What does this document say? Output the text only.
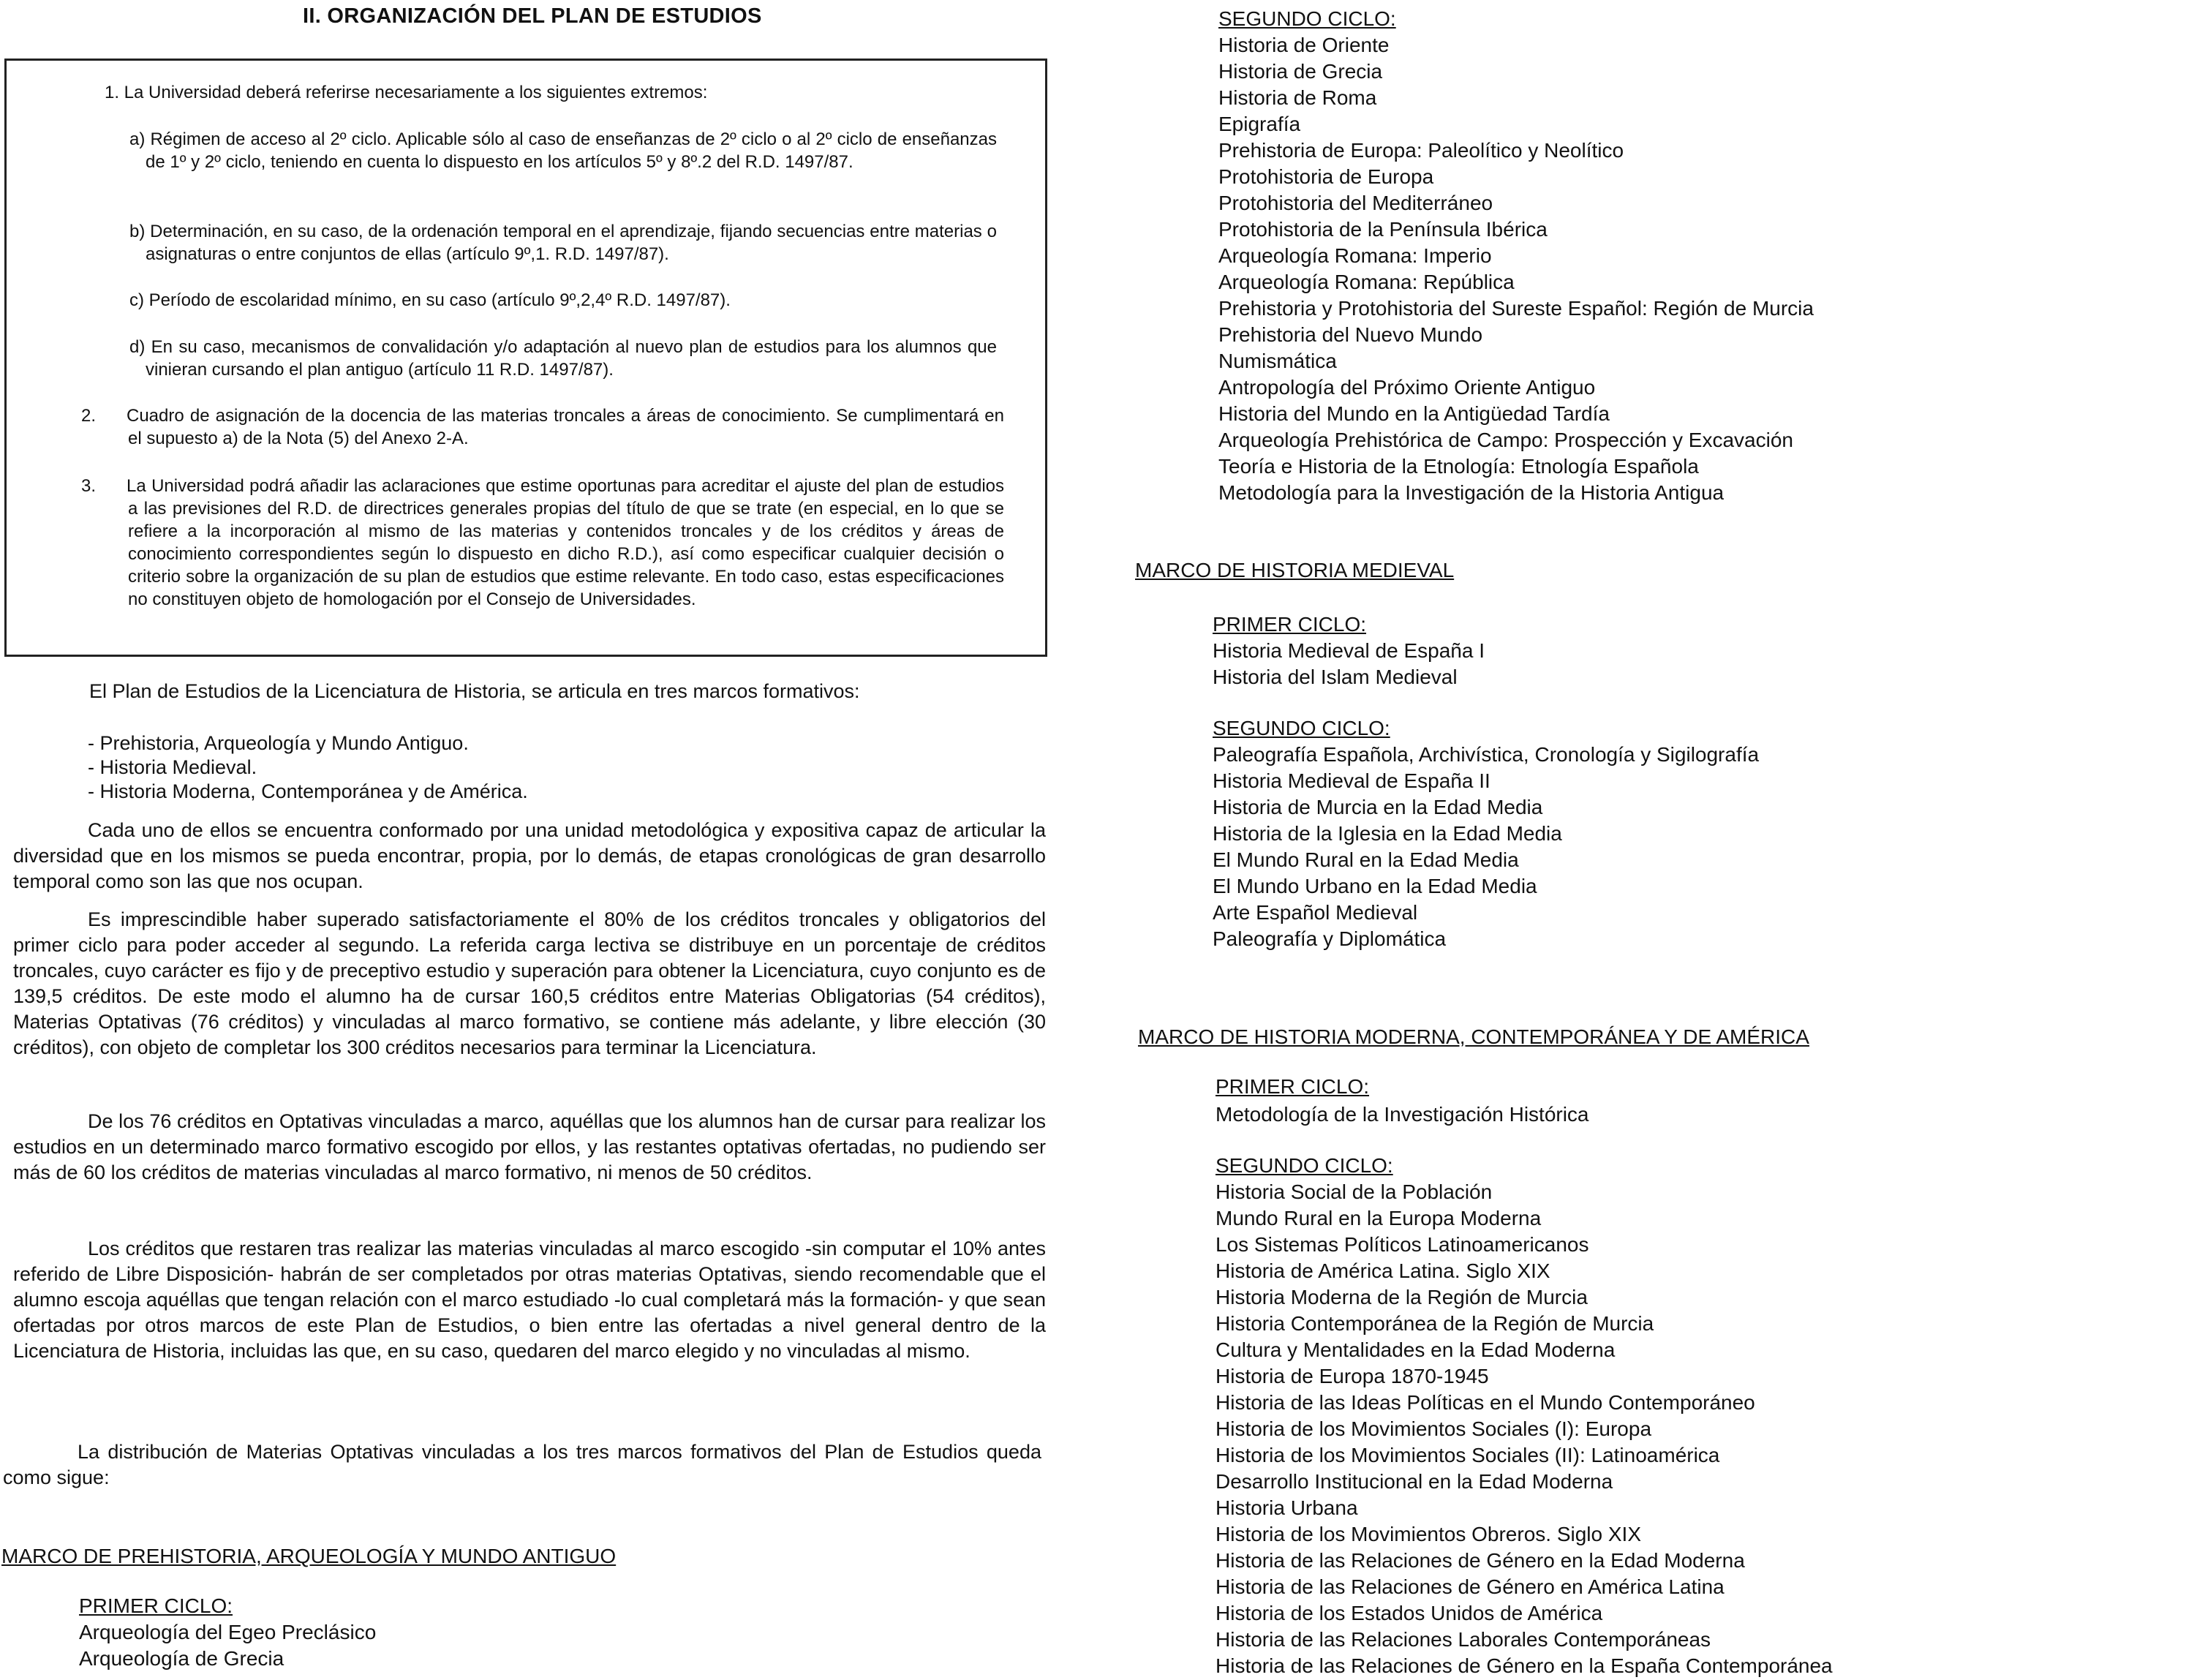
II. ORGANIZACIÓN DEL PLAN DE ESTUDIOS
1. La Universidad deberá referirse necesariamente a los siguientes extremos:
a) Régimen de acceso al 2º ciclo. Aplicable sólo al caso de enseñanzas de 2º ciclo o al 2º ciclo de enseñanzas de 1º y 2º ciclo, teniendo en cuenta lo dispuesto en los artículos 5º y 8º.2 del R.D. 1497/87.
b) Determinación, en su caso, de la ordenación temporal en el aprendizaje, fijando secuencias entre materias o asignaturas o entre conjuntos de ellas (artículo 9º,1. R.D. 1497/87).
c) Período de escolaridad mínimo, en su caso (artículo 9º,2,4º R.D. 1497/87).
d) En su caso, mecanismos de convalidación y/o adaptación al nuevo plan de estudios para los alumnos que vinieran cursando el plan antiguo (artículo 11 R.D. 1497/87).
2. Cuadro de asignación de la docencia de las materias troncales a áreas de conocimiento. Se cumplimentará en el supuesto a) de la Nota (5) del Anexo 2-A.
3. La Universidad podrá añadir las aclaraciones que estime oportunas para acreditar el ajuste del plan de estudios a las previsiones del R.D. de directrices generales propias del título de que se trate (en especial, en lo que se refiere a la incorporación al mismo de las materias y contenidos troncales y de los créditos y áreas de conocimiento correspondientes según lo dispuesto en dicho R.D.), así como especificar cualquier decisión o criterio sobre la organización de su plan de estudios que estime relevante. En todo caso, estas especificaciones no constituyen objeto de homologación por el Consejo de Universidades.

El Plan de Estudios de la Licenciatura de Historia, se articula en tres marcos formativos:

- Prehistoria, Arqueología y Mundo Antiguo.
- Historia Medieval.
- Historia Moderna, Contemporánea y de América.

Cada uno de ellos se encuentra conformado por una unidad metodológica y expositiva capaz de articular la diversidad que en los mismos se pueda encontrar, propia, por lo demás, de etapas cronológicas de gran desarrollo temporal como son las que nos ocupan.

Es imprescindible haber superado satisfactoriamente el 80% de los créditos troncales y obligatorios del primer ciclo para poder acceder al segundo. La referida carga lectiva se distribuye en un porcentaje de créditos troncales, cuyo carácter es fijo y de preceptivo estudio y superación para obtener la Licenciatura, cuyo conjunto es de 139,5 créditos. De este modo el alumno ha de cursar 160,5 créditos entre Materias Obligatorias (54 créditos), Materias Optativas (76 créditos) y vinculadas al marco formativo, se contiene más adelante, y libre elección (30 créditos), con objeto de completar los 300 créditos necesarios para terminar la Licenciatura.

De los 76 créditos en Optativas vinculadas a marco, aquéllas que los alumnos han de cursar para realizar los estudios en un determinado marco formativo escogido por ellos, y las restantes optativas ofertadas, no pudiendo ser más de 60 los créditos de materias vinculadas al marco formativo, ni menos de 50 créditos.

Los créditos que restaren tras realizar las materias vinculadas al marco escogido -sin computar el 10% antes referido de Libre Disposición- habrán de ser completados por otras materias Optativas, siendo recomendable que el alumno escoja aquéllas que tengan relación con el marco estudiado -lo cual completará más la formación- y que sean ofertadas por otros marcos de este Plan de Estudios, o bien entre las ofertadas a nivel general dentro de la Licenciatura de Historia, incluidas las que, en su caso, quedaren del marco elegido y no vinculadas al mismo.

La distribución de Materias Optativas vinculadas a los tres marcos formativos del Plan de Estudios queda como sigue:

MARCO DE PREHISTORIA, ARQUEOLOGÍA Y MUNDO ANTIGUO
PRIMER CICLO:
Arqueología del Egeo Preclásico
Arqueología de Grecia
SEGUNDO CICLO:
Historia de Oriente
Historia de Grecia
Historia de Roma
Epigrafía
Prehistoria de Europa: Paleolítico y Neolítico
Protohistoria de Europa
Protohistoria del Mediterráneo
Protohistoria de la Península Ibérica
Arqueología Romana: Imperio
Arqueología Romana: República
Prehistoria y Protohistoria del Sureste Español: Región de Murcia
Prehistoria del Nuevo Mundo
Numismática
Antropología del Próximo Oriente Antiguo
Historia del Mundo en la Antigüedad Tardía
Arqueología Prehistórica de Campo: Prospección y Excavación
Teoría e Historia de la Etnología: Etnología Española
Metodología para la Investigación de la Historia Antigua
MARCO DE HISTORIA MEDIEVAL
PRIMER CICLO:
Historia Medieval de España I
Historia del Islam Medieval
SEGUNDO CICLO:
Paleografía Española, Archivística, Cronología y Sigilografía
Historia Medieval de España II
Historia de Murcia en la Edad Media
Historia de la Iglesia en la Edad Media
El Mundo Rural en la Edad Media
El Mundo Urbano en la Edad Media
Arte Español Medieval
Paleografía y Diplomática
MARCO DE HISTORIA MODERNA, CONTEMPORÁNEA Y DE AMÉRICA
PRIMER CICLO:
Metodología de la Investigación Histórica
SEGUNDO CICLO:
Historia Social de la Población
Mundo Rural en la Europa Moderna
Los Sistemas Políticos Latinoamericanos
Historia de América Latina. Siglo XIX
Historia Moderna de la Región de Murcia
Historia Contemporánea de la Región de Murcia
Cultura y Mentalidades en la Edad Moderna
Historia de Europa 1870-1945
Historia de las Ideas Políticas en el Mundo Contemporáneo
Historia de los Movimientos Sociales (I): Europa
Historia de los Movimientos Sociales (II): Latinoamérica
Desarrollo Institucional en la Edad Moderna
Historia Urbana
Historia de los Movimientos Obreros. Siglo XIX
Historia de las Relaciones de Género en la Edad Moderna
Historia de las Relaciones de Género en América Latina
Historia de los Estados Unidos de América
Historia de las Relaciones Laborales Contemporáneas
Historia de las Relaciones de Género en la España Contemporánea
